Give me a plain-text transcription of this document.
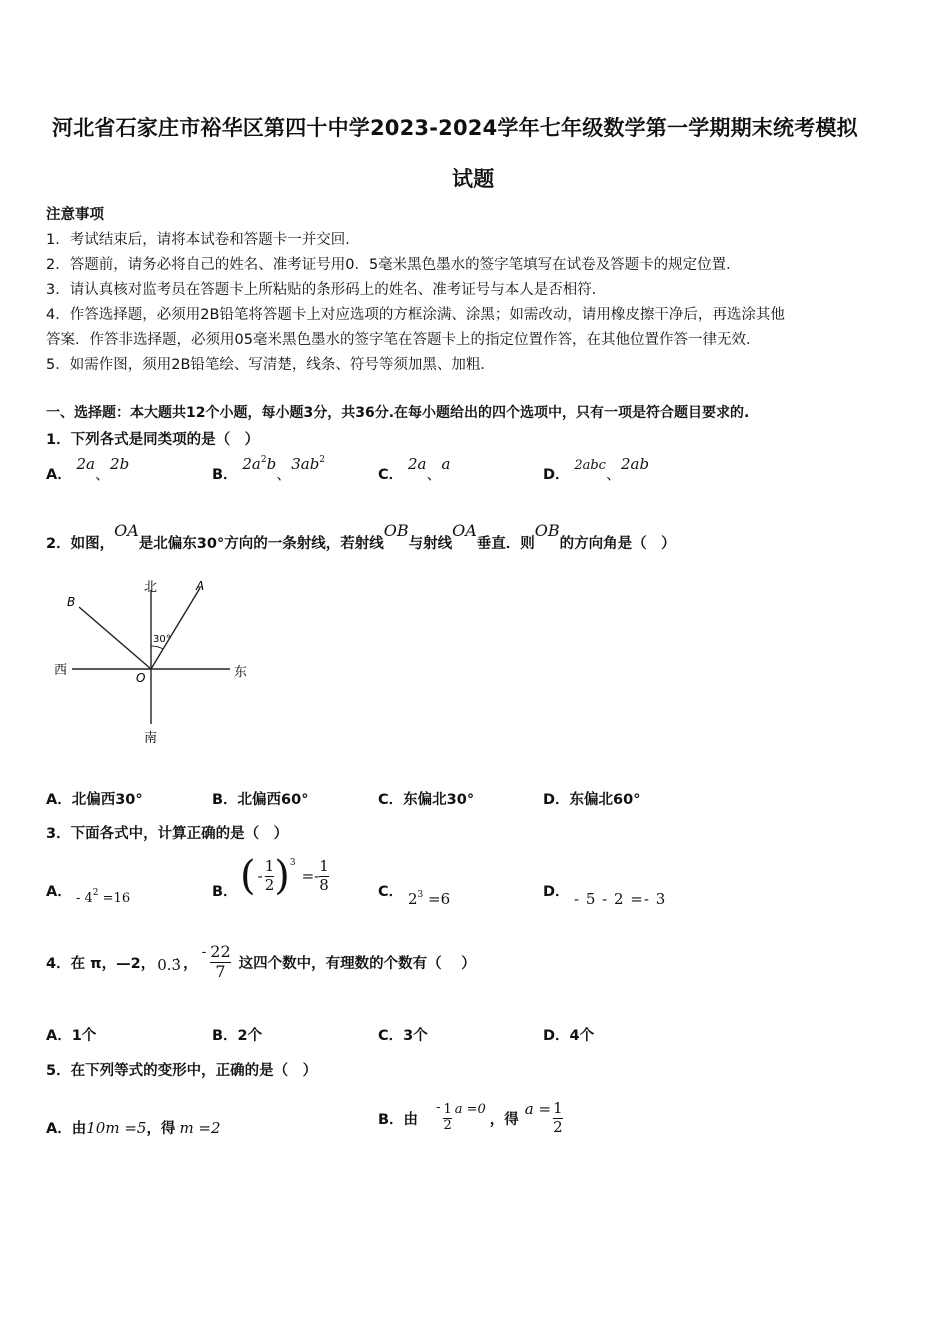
河北省石家庄市裕华区第四十中学2023-2024学年七年级数学第一学期期末统考模拟
试题
注意事项
1．考试结束后，请将本试卷和答题卡一并交回．
2．答题前，请务必将自己的姓名、准考证号用0．5毫米黑色墨水的签字笔填写在试卷及答题卡的规定位置．
3．请认真核对监考员在答题卡上所粘贴的条形码上的姓名、准考证号与本人是否相符．
4．作答选择题，必须用2B铅笔将答题卡上对应选项的方框涂满、涂黑；如需改动，请用橡皮擦干净后，再选涂其他
答案．作答非选择题，必须用05毫米黑色墨水的签字笔在答题卡上的指定位置作答，在其他位置作答一律无效．
5．如需作图，须用2B铅笔绘、写清楚，线条、符号等须加黑、加粗．
一、选择题：本大题共12个小题，每小题3分，共36分.在每小题给出的四个选项中，只有一项是符合题目要求的.
1．下列各式是同类项的是（　）
A． 2a、2b
B． $2a^2b$、$3ab^2$
C． 2a、a
D． 2abc、2ab
2．如图，OA是北偏东30°方向的一条射线，若射线OB与射线OA垂直．则OB的方向角是（　）
北
南
西	东
A
B
O
30°
A．北偏西30°	B．北偏西60°	C．东偏北30°	D．东偏北60°
3．下面各式中，计算正确的是（　）
A． - $4^2 =16$	B． ( - $\frac{1}{2}$ ) 3
=- $\frac{1}{8}$	C． $2^3 =6$	D． - 5 - 2 =- 3
4．在 π，—2， 0.3̇ ，
- $\frac{22}{7}$ 这四个数中，有理数的个数有（　 ）
A．1个	B．2个	C．3个	D．4个
5．在下列等式的变形中，正确的是（　）
A．由 10m =5 ，得 m =2	B．由
- $\frac{1}{2}$ a =0
，得
$a = \frac{1}{2}$
